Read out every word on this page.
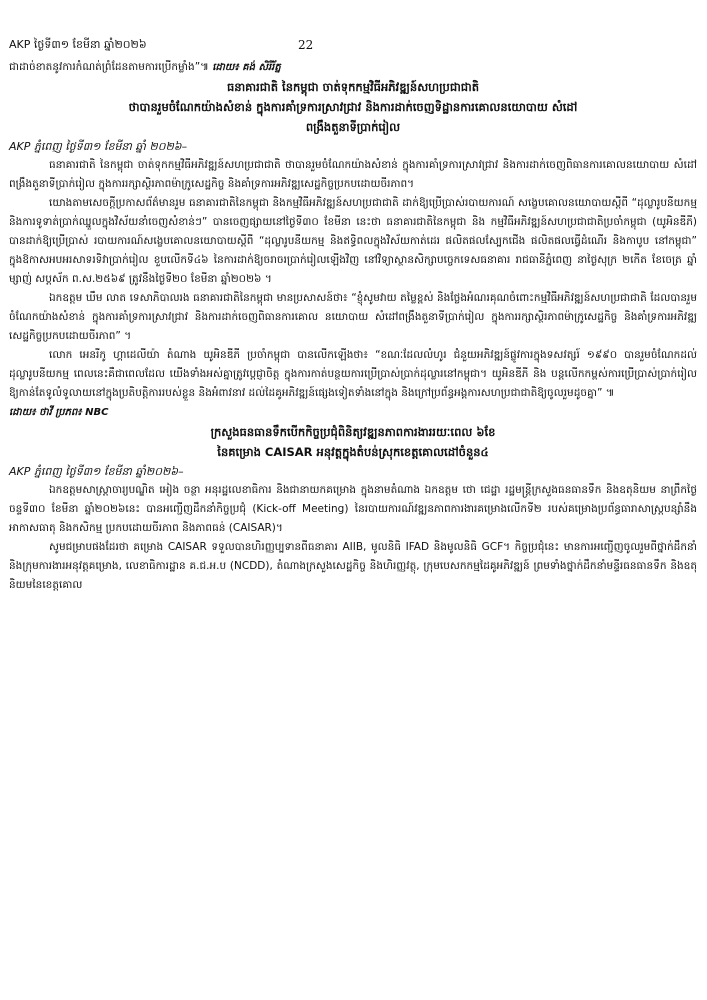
AKP ថ្ងៃទី៣១ ខែមីនា ឆ្នាំ២០២៦	22

ជាដាច់ខាតនូវការកំណត់ព្រំដែនតាមការប្រើកម្លាំង”៕ ដោយ៖ គង់ សិរីរ័ត្ន

ធនាគារជាតិ នៃកម្ពុជា ចាត់ទុកកម្មវិធីអភិវឌ្ឍន៍សហប្រជាជាតិ

ថាបានរួមចំណែកយ៉ាងសំខាន់ ក្នុងការគាំទ្រការស្រាវជ្រាវ និងការដាក់ចេញទិដ្ឋានការគោលនយោបាយ សំដៅ

ពង្រឹងតួនាទីប្រាក់រៀល

AKP ភ្នំពេញ ថ្ងៃទី៣១ ខែមីនា ឆ្នាំ ២០២៦–

ធនាគារជាតិ នៃកម្ពុជា ចាត់ទុកកម្មវិធីអភិវឌ្ឍន៍សហប្រជាជាតិ ថាបានរួមចំណែកយ៉ាងសំខាន់ ក្នុងការគាំទ្រការស្រាវជ្រាវ និងការដាក់ចេញពិធានការគោលនយោបាយ សំដៅពង្រឹងតួនាទីប្រាក់រៀល ក្នុងការរក្សាស្ថិរភាពម៉ាក្រូសេដ្ឋកិច្ច និងគាំទ្រការអភិវឌ្ឍសេដ្ឋកិច្ចប្រកបដោយចីរភាព។

យោងតាមសេចក្តីប្រកាសព័ត៌មានរួម ធនាគារជាតិនៃកម្ពុជា និងកម្មវិធីអភិវឌ្ឍន៍សហប្រជាជាតិ ដាក់ឱ្យប្រើប្រាស់របាយការណ៍ សង្ខេបគោលនយោបាយស្តីពី “ដុល្លារូបនីយកម្ម និងការទូទាត់ប្រាក់ឈ្នួលក្នុងវិស័យនាំចេញសំខាន់ៗ” បានចេញផ្សាយនៅថ្ងៃទី៣០ ខែមីនា នេះថា ធនាគារជាតិនៃកម្ពុជា និង កម្មវិធីអភិវឌ្ឍន៍សហប្រជាជាតិប្រចាំកម្ពុជា (យូអិនឌីភី) បានដាក់ឱ្យប្រើប្រាស់ របាយការណ៍សង្ខេបគោលនយោបាយស្តីពី “ដុល្លារូបនីយកម្ម និងឥទ្ធិពលក្នុងវិស័យកាត់ដេរ ផលិតផលស្បែកជើង ផលិតផលធ្វើដំណើរ និងកាបូប នៅកម្ពុជា” ក្នុងឱកាសអបអរសាទរទិវាប្រាក់រៀល ខួបលើកទី៤៦ នៃការដាក់ឱ្យចរាចរប្រាក់រៀលឡើងវិញ នៅវិទ្យាស្ថានសិក្សាបច្ចេកទេសធនាគារ រាជធានីភ្នំពេញ នាថ្ងៃសុក្រ ២កើត ខែចេត្រ ឆ្នាំម្សាញ់ សប្តស័ក ព.ស.២៥៦៩ ត្រូវនឹងថ្ងៃទី២០ ខែមីនា ឆ្នាំ២០២៦ ។

ឯកឧត្តម ឃឹម លាត ទេសាភិបាលរង ធនាគារជាតិនៃកម្ពុជា មានប្រសាសន៍ថា៖ “ខ្ញុំសូមវាយ តម្លៃខ្ពស់ និងថ្លែងអំណរគុណចំពោះកម្មវិធីអភិវឌ្ឍន៍សហប្រជាជាតិ ដែលបានរួមចំណែកយ៉ាងសំខាន់ ក្នុងការគាំទ្រការស្រាវជ្រាវ និងការដាក់ចេញពិធានការគោល នយោបាយ សំដៅពង្រឹងតួនាទីប្រាក់រៀល ក្នុងការរក្សាស្ថិរភាពម៉ាក្រូសេដ្ឋកិច្ច និងគាំទ្រការអភិវឌ្ឍសេដ្ឋកិច្ចប្រកបដោយចីរភាព” ។

លោក អេនរីកូ ហ្គាដេលីយ៉ា តំណាង យូអិនឌីភី ប្រចាំកម្ពុជា បានលើកឡើងថា៖ “ខណៈដែលលំហូរ ជំនួយអភិវឌ្ឍន៍ផ្លូវការក្នុងទសវត្សរ៍ ១៩៩០ បានរួមចំណែកដល់ដុល្លារូបនីយកម្ម ពេលនេះគឺជាពេលដែល យើងទាំងអស់គ្នាត្រូវប្តេជ្ញាចិត្ត ក្នុងការកាត់បន្ថយការប្រើប្រាស់ប្រាក់ដុល្លារនៅកម្ពុជា។ យូអិនឌីភី និង បន្តលើកកម្ពស់ការប្រើប្រាស់ប្រាក់រៀល ឱ្យកាន់តែទូលំទូលាយនៅក្នុងប្រតិបត្តិការរបស់ខ្លួន និងអំពាវនាវ ដល់ដៃគូអភិវឌ្ឍន៍ផ្សេងទៀតទាំងនៅក្នុង និងក្រៅប្រព័ន្ធអង្គការសហប្រជាជាតិឱ្យចូលរួមដូចគ្នា” ៕

ដោយ៖ ថាវី ប្រភព៖ NBC

ក្រសួងធនធានទឹកបើកកិច្ចប្រជុំពិនិត្យវឌ្ឍនភាពការងាររយៈពេល ៦ខែ

នៃគម្រោង CAISAR អនុវត្តក្នុងតំបន់ស្រុកខេត្តគោលដៅចំនួន៤

AKP ភ្នំពេញ ថ្ងៃទី៣១ ខែមីនា ឆ្នាំ២០២៦–

ឯកឧត្តមសាស្ត្រាចារ្យបណ្ឌិត អៀង ចន្ថា អនុរដ្ឋលេខាធិការ និងជានាយកគម្រោង ក្នុងនាមតំណាង ឯកឧត្តម ថោ ជេដ្ឋា រដ្ឋមន្ត្រីក្រសួងធនធានទឹក និងឧតុនិយម នាព្រឹកថ្ងៃចន្ទទី៣០ ខែមីនា ឆ្នាំ២០២៦នេះ បានអញ្ជើញដឹកនាំកិច្ចប្រជុំ (Kick-off Meeting) នៃរបាយការណ៍វឌ្ឍនភាពការងារគម្រោងលើកទី២ របស់គម្រោងប្រព័ន្ធធារាសាស្ត្របន្សាំនឹងអាកាសធាតុ និងកសិកម្ម ប្រកបដោយចីរភាព និងភាពធន់ (CAISAR)។

សូមជម្រាបផងដែរថា គម្រោង CAISAR ទទួលបានហិរញ្ញប្បទានពីធនាគារ AIIB, មូលនិធិ IFAD និងមូលនិធិ GCF។ កិច្ចប្រជុំនេះ មានការអញ្ជើញចូលរួមពីថ្នាក់ដឹកនាំ និងក្រុមការងារអនុវត្តគម្រោង, លេខាធិការដ្ឋាន គ.ជ.អ.ប (NCDD), តំណាងក្រសួងសេដ្ឋកិច្ច និងហិរញ្ញវត្ថុ, ក្រុមបេសកកម្មដៃគូអភិវឌ្ឍន៍ ព្រមទាំងថ្នាក់ដឹកនាំមន្ទីរធនធានទឹក និងឧតុនិយមនៃខេត្តគោល
